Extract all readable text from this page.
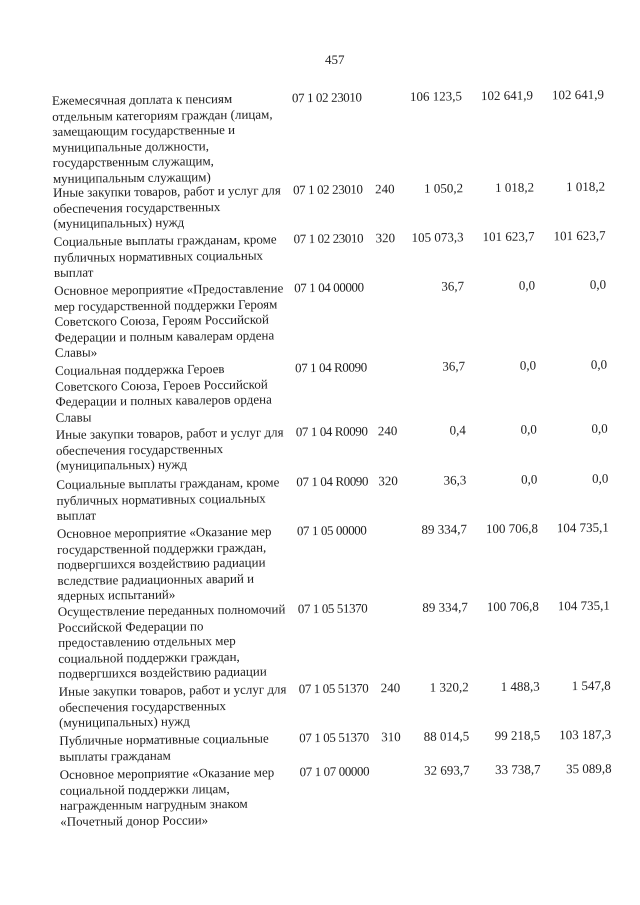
457
Ежемесячная доплата к пенсиям
отдельным категориям граждан (лицам,
замещающим государственные и
муниципальные должности,
государственным служащим,
муниципальным служащим)
07 1 02 23010	106 123,5	102 641,9	102 641,9
Иные закупки товаров, работ и услуг для
обеспечения государственных
(муниципальных) нужд
07 1 02 23010 240	1 050,2	1 018,2	1 018,2
Социальные выплаты гражданам, кроме
публичных нормативных социальных
выплат
07 1 02 23010 320	105 073,3	101 623,7	101 623,7
Основное мероприятие «Предоставление
мер государственной поддержки Героям
Советского Союза, Героям Российской
Федерации и полным кавалерам ордена
Славы»
07 1 04 00000	36,7	0,0	0,0
Социальная поддержка Героев
Советского Союза, Героев Российской
Федерации и полных кавалеров ордена
Славы
07 1 04 R0090	36,7	0,0	0,0
Иные закупки товаров, работ и услуг для
обеспечения государственных
(муниципальных) нужд
07 1 04 R0090 240	0,4	0,0	0,0
Социальные выплаты гражданам, кроме
публичных нормативных социальных
выплат
07 1 04 R0090 320	36,3	0,0	0,0
Основное мероприятие «Оказание мер
государственной поддержки граждан,
подвергшихся воздействию радиации
вследствие радиационных аварий и
ядерных испытаний»
07 1 05 00000	89 334,7	100 706,8	104 735,1
Осуществление переданных полномочий
Российской Федерации по
предоставлению отдельных мер
социальной поддержки граждан,
подвергшихся воздействию радиации
07 1 05 51370	89 334,7	100 706,8	104 735,1
Иные закупки товаров, работ и услуг для
обеспечения государственных
(муниципальных) нужд
07 1 05 51370 240	1 320,2	1 488,3	1 547,8
Публичные нормативные социальные
выплаты гражданам
07 1 05 51370 310	88 014,5	99 218,5	103 187,3
Основное мероприятие «Оказание мер
социальной поддержки лицам,
награжденным нагрудным знаком
«Почетный донор России»
07 1 07 00000	32 693,7	33 738,7	35 089,8
